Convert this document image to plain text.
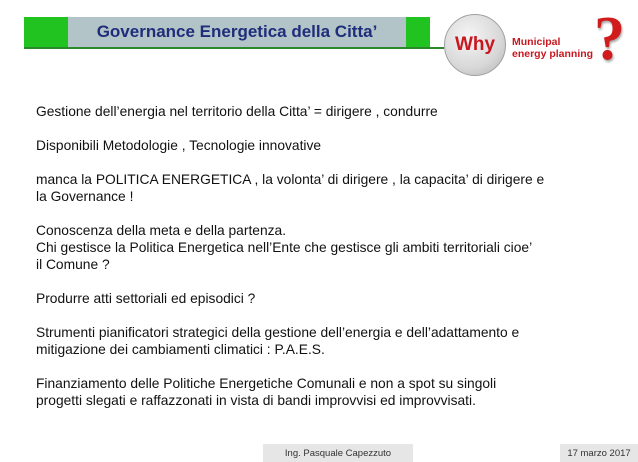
Governance Energetica della Citta’
Why Municipal
energy planning ?

Gestione dell’energia nel territorio della Citta’ = dirigere , condurre

Disponibili Metodologie , Tecnologie innovative

manca la POLITICA ENERGETICA , la volonta’ di dirigere , la capacita’ di dirigere e
la Governance !

Conoscenza della meta e della partenza.
Chi gestisce la Politica Energetica nell’Ente che gestisce gli ambiti territoriali cioe’
il Comune ?

Produrre atti settoriali ed episodici ?

Strumenti pianificatori strategici della gestione dell’energia e dell’adattamento e
mitigazione dei cambiamenti climatici : P.A.E.S.

Finanziamento delle Politiche Energetiche Comunali e non a spot su singoli
progetti slegati e raffazzonati in vista di bandi improvvisi ed improvvisati.

Ing. Pasquale Capezzuto	17 marzo 2017
